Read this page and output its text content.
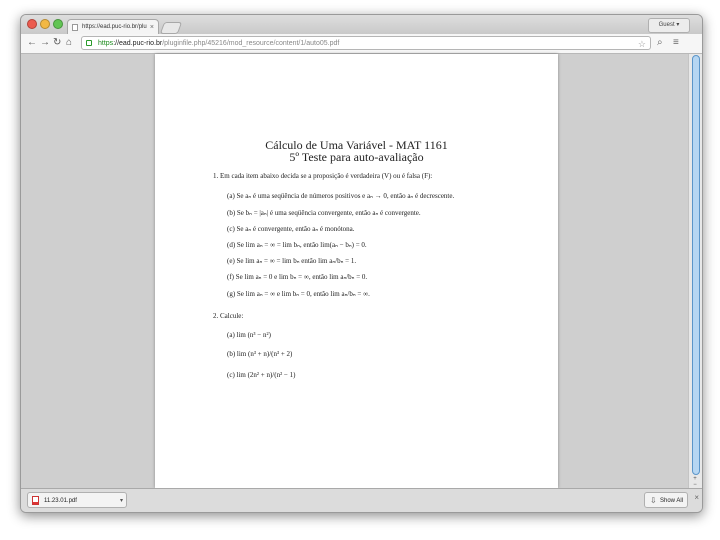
https://ead.puc-rio.br/plu ×	Guest ▾
← → ↻ ⌂	https://ead.puc-rio.br/pluginfile.php/45216/mod_resource/content/1/auto05.pdf	☆ ⌕ ≡
Cálculo de Uma Variável - MAT 1161
5º Teste para auto-avaliação
1. Em cada item abaixo decida se a proposição é verdadeira (V) ou é falsa (F):
(a) Se aₙ é uma seqüência de números positivos e aₙ → 0, então aₙ é decrescente.
(b) Se bₙ = |aₙ| é uma seqüência convergente, então aₙ é convergente.
(c) Se aₙ é convergente, então aₙ é monótona.
(d) Se lim aₙ = ∞ = lim bₙ, então lim(aₙ − bₙ) = 0.
(e) Se lim aₙ = ∞ = lim bₙ então lim aₙ/bₙ = 1.
(f) Se lim aₙ = 0 e lim bₙ = ∞, então lim aₙ/bₙ = 0.
(g) Se lim aₙ = ∞ e lim bₙ = 0, então lim aₙ/bₙ = ∞.
2. Calcule:
(a) lim (n³ − n²)
(b) lim (n³ + n)/(n³ + 2)
(c) lim (2n² + n)/(n² − 1)
+
−
11.23.01.pdf	▾	⇩ Show All	×
